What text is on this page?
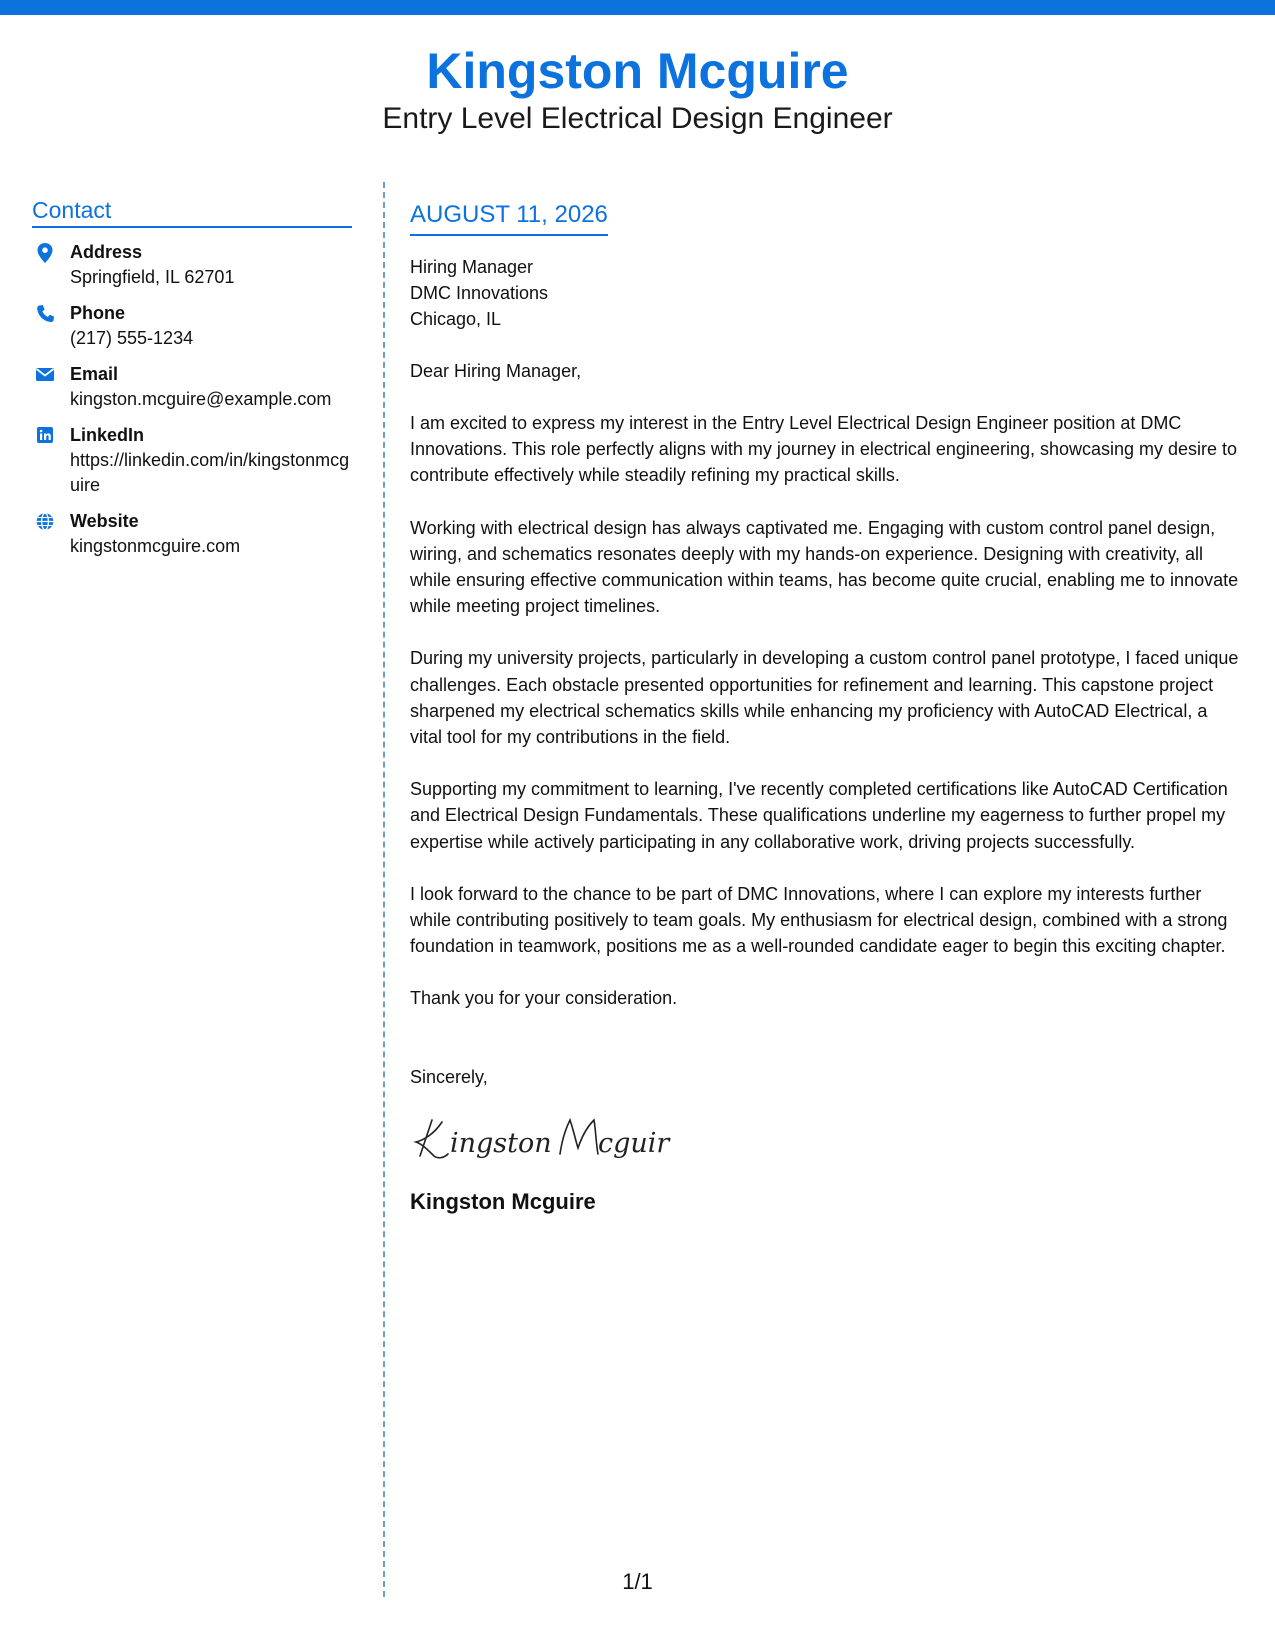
Kingston Mcguire
Entry Level Electrical Design Engineer
Contact
Address
Springfield, IL 62701
Phone
(217) 555-1234
Email
kingston.mcguire@example.com
LinkedIn
https://linkedin.com/in/kingstonmcguire
Website
kingstonmcguire.com
AUGUST 11, 2026
Hiring Manager
DMC Innovations
Chicago, IL
Dear Hiring Manager,
I am excited to express my interest in the Entry Level Electrical Design Engineer position at DMC Innovations. This role perfectly aligns with my journey in electrical engineering, showcasing my desire to contribute effectively while steadily refining my practical skills.
Working with electrical design has always captivated me. Engaging with custom control panel design, wiring, and schematics resonates deeply with my hands-on experience. Designing with creativity, all while ensuring effective communication within teams, has become quite crucial, enabling me to innovate while meeting project timelines.
During my university projects, particularly in developing a custom control panel prototype, I faced unique challenges. Each obstacle presented opportunities for refinement and learning. This capstone project sharpened my electrical schematics skills while enhancing my proficiency with AutoCAD Electrical, a vital tool for my contributions in the field.
Supporting my commitment to learning, I've recently completed certifications like AutoCAD Certification and Electrical Design Fundamentals. These qualifications underline my eagerness to further propel my expertise while actively participating in any collaborative work, driving projects successfully.
I look forward to the chance to be part of DMC Innovations, where I can explore my interests further while contributing positively to team goals. My enthusiasm for electrical design, combined with a strong foundation in teamwork, positions me as a well-rounded candidate eager to begin this exciting chapter.
Thank you for your consideration.
Sincerely,
ingston cguir
Kingston Mcguire
1/1
